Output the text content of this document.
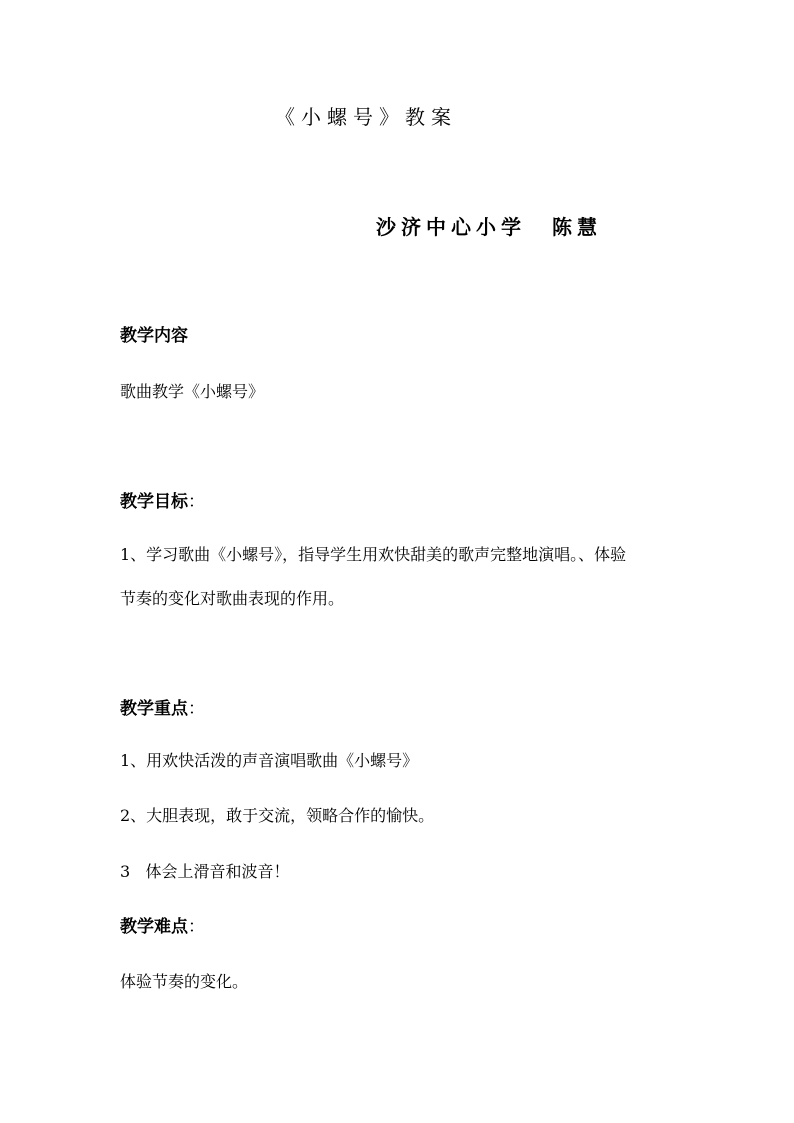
《小螺号》教案
沙济中心小学 陈慧
教学内容
歌曲教学《小螺号》
教学目标：
1、学习歌曲《小螺号》，指导学生用欢快甜美的歌声完整地演唱。、体验
节奏的变化对歌曲表现的作用。
教学重点：
1、用欢快活泼的声音演唱歌曲《小螺号》
2、大胆表现，敢于交流，领略合作的愉快。
3   体会上滑音和波音！
教学难点：
体验节奏的变化。
